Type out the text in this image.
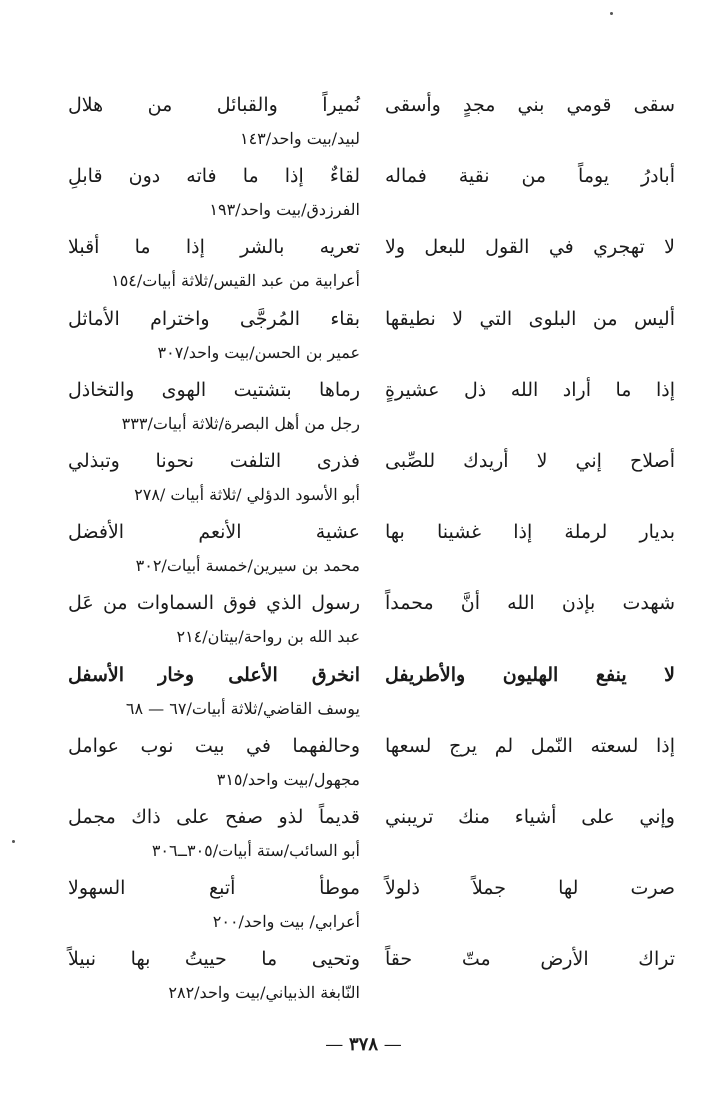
سقى قومي بني مجدٍ وأسقى
نُميراً والقبائل من هلال
لبيد/بيت واحد/١٤٣
أبادرُ يوماً من نقية فماله
لقاءٌ إذا ما فاته دون قابلِ
الفرزدق/بيت واحد/١٩٣
لا تهجري في القول للبعل ولا
تعريه بالشر إذا ما أقبلا
أعرابية من عبد القيس/ثلاثة أبيات/١٥٤
أليس من البلوى التي لا نطيقها
بقاء المُرجَّى واخترام الأماثل
عمير بن الحسن/بيت واحد/٣٠٧
إذا ما أراد الله ذل عشيرةٍ
رماها بتشتيت الهوى والتخاذل
رجل من أهل البصرة/ثلاثة أبيات/٣٣٣
أصلاح إني لا أريدك للصِّبى
فذرى التلفت نحونا وتبذلي
أبو الأسود الدؤلي /ثلاثة أبيات /٢٧٨
بديار لرملة إذا غشينا بها
عشية الأنعم الأفضل
محمد بن سيرين/خمسة أبيات/٣٠٢
شهدت بإذن الله أنَّ محمداً
رسول الذي فوق السماوات من عَل
عبد الله بن رواحة/بيتان/٢١٤
لا ينفع الهليون والأطريفل
انخرق الأعلى وخار الأسفل
يوسف القاضي/ثلاثة أبيات/٦٧ — ٦٨
إذا لسعته النّمل لم يرج لسعها
وحالفهما في بيت نوب عوامل
مجهول/بيت واحد/٣١٥
وإني على أشياء منك تريبني
قديماً لذو صفح على ذاك مجمل
أبو السائب/ستة أبيات/٣٠٥ــ٣٠٦
صرت لها جملاً ذلولاً
موطأ أتبع السهولا
أعرابي/ بيت واحد/٢٠٠
تراك الأرض متّ حقاً
وتحيى ما حييتُ بها نبيلاً
النّابغة الذبياني/بيت واحد/٢٨٢
— ٣٧٨ —
